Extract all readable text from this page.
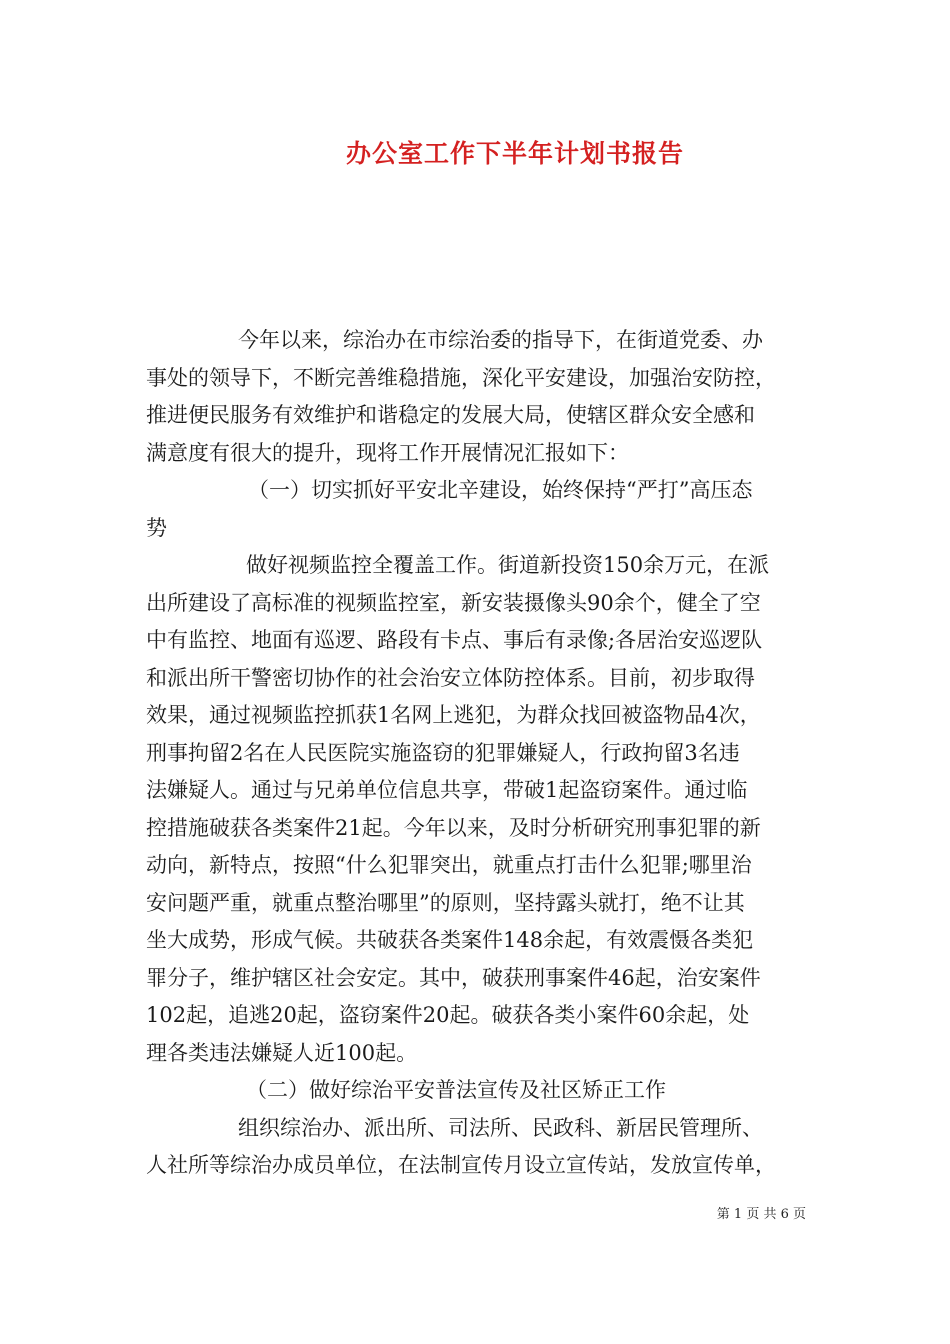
办公室工作下半年计划书报告
今年以来，综治办在市综治委的指导下，在街道党委、办
事处的领导下，不断完善维稳措施，深化平安建设，加强治安防控，
推进便民服务有效维护和谐稳定的发展大局，使辖区群众安全感和
满意度有很大的提升，现将工作开展情况汇报如下：
（一）切实抓好平安北辛建设，始终保持“严打”高压态
势
做好视频监控全覆盖工作。街道新投资150余万元，在派
出所建设了高标准的视频监控室，新安装摄像头90余个，健全了空
中有监控、地面有巡逻、路段有卡点、事后有录像;各居治安巡逻队
和派出所干警密切协作的社会治安立体防控体系。目前，初步取得
效果，通过视频监控抓获1名网上逃犯，为群众找回被盗物品4次，
刑事拘留2名在人民医院实施盗窃的犯罪嫌疑人，行政拘留3名违
法嫌疑人。通过与兄弟单位信息共享，带破1起盗窃案件。通过临
控措施破获各类案件21起。今年以来，及时分析研究刑事犯罪的新
动向，新特点，按照“什么犯罪突出，就重点打击什么犯罪;哪里治
安问题严重，就重点整治哪里”的原则，坚持露头就打，绝不让其
坐大成势，形成气候。共破获各类案件148余起，有效震慑各类犯
罪分子，维护辖区社会安定。其中，破获刑事案件46起，治安案件
102起，追逃20起，盗窃案件20起。破获各类小案件60余起，处
理各类违法嫌疑人近100起。
（二）做好综治平安普法宣传及社区矫正工作
组织综治办、派出所、司法所、民政科、新居民管理所、
人社所等综治办成员单位，在法制宣传月设立宣传站，发放宣传单，
第 1 页 共 6 页
